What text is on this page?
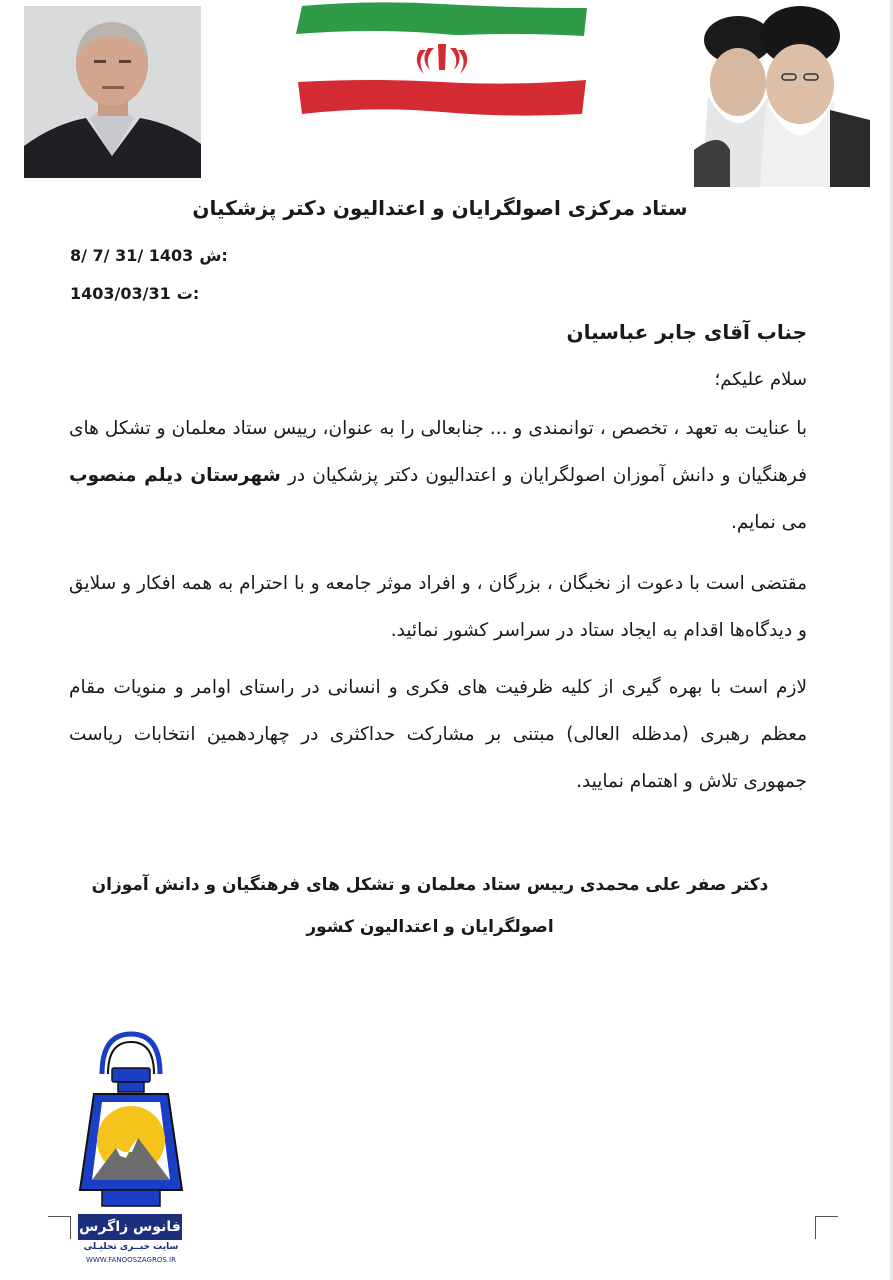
ستاد مرکزی اصولگرایان و اعتدالیون دکتر پزشکیان
8/ 7/ 31/ 1403 ش:
1403/03/31 ت:
جناب آقای جابر عباسیان
سلام علیکم؛
با عنایت به تعهد ، تخصص ، توانمندی و ... جنابعالی را به عنوان، رییس ستاد معلمان و تشکل های فرهنگیان و دانش آموزان اصولگرایان و اعتدالیون دکتر پزشکیان در شهرستان دیلم منصوب می نمایم.
مقتضی است با دعوت از نخبگان ، بزرگان ، و افراد موثر جامعه و با احترام به همه افکار و سلایق و دیدگاه‌ها اقدام به ایجاد ستاد در سراسر کشور نمائید.
لازم است با بهره گیری از کلیه ظرفیت های فکری و انسانی در راستای اوامر و منویات مقام معظم رهبری (مدظله العالی) مبتنی بر مشارکت حداکثری در چهاردهمین انتخابات ریاست جمهوری تلاش و اهتمام نمایید.
دکتر صفر علی محمدی رییس ستاد معلمان و تشکل های فرهنگیان و دانش آموزان
اصولگرایان و اعتدالیون کشور
فانوس زاگرس
سایت خبــری تحلیـلی
WWW.FANOOSZAGROS.IR
